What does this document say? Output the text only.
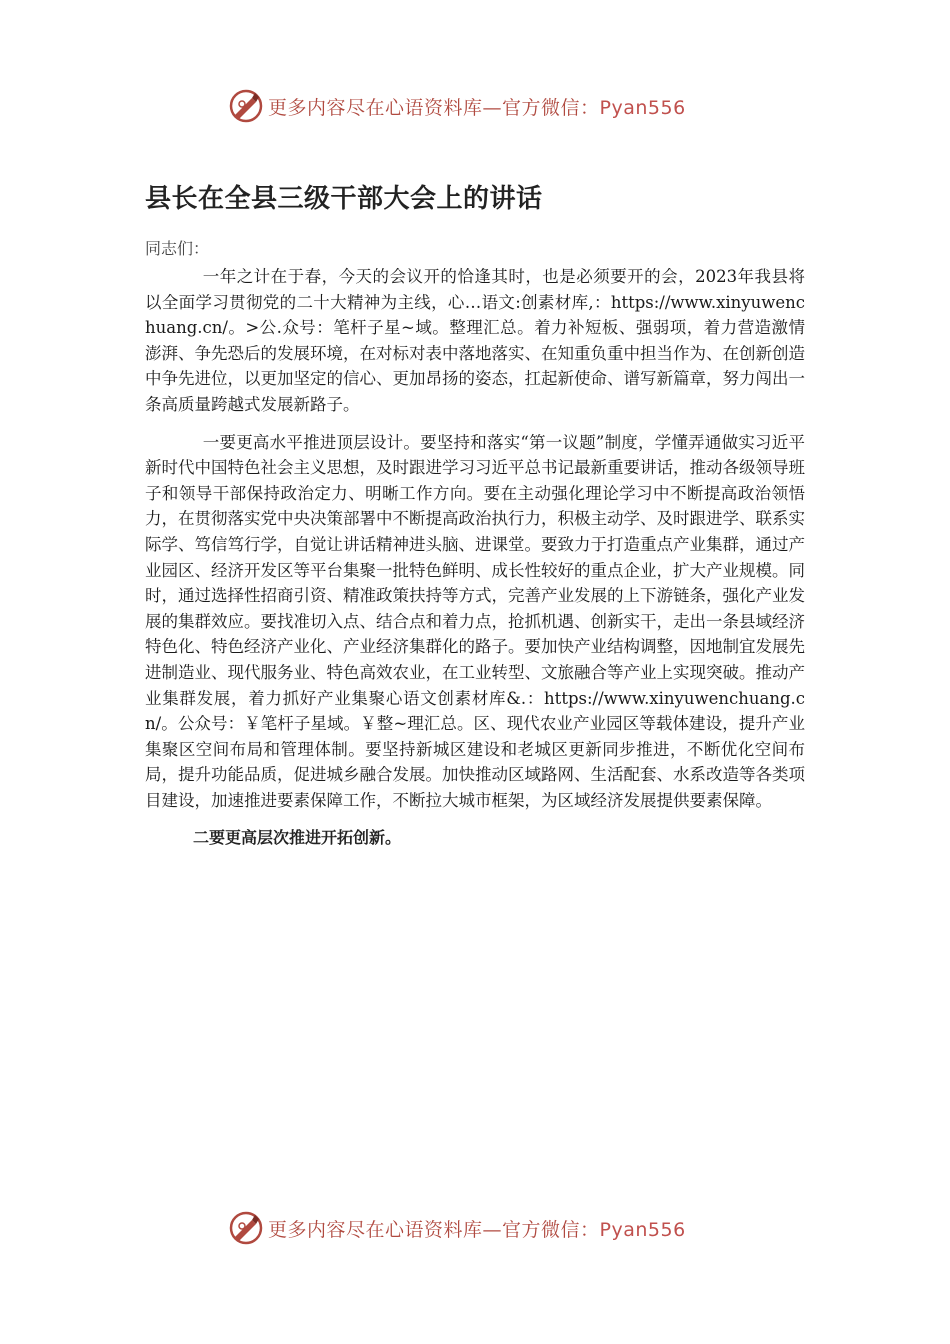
更多内容尽在心语资料库—官方微信：Pyan556
县长在全县三级干部大会上的讲话
同志们：

一年之计在于春，今天的会议开的恰逢其时，也是必须要开的会，2023年我县将以全面学习贯彻党的二十大精神为主线，心…语文:创素材库,：https://www.xinyuwenchuang.cn/。>公.众号：笔杆子星~域。整理汇总。着力补短板、强弱项，着力营造激情澎湃、争先恐后的发展环境，在对标对表中落地落实、在知重负重中担当作为、在创新创造中争先进位，以更加坚定的信心、更加昂扬的姿态，扛起新使命、谱写新篇章，努力闯出一条高质量跨越式发展新路子。

一要更高水平推进顶层设计。要坚持和落实“第一议题”制度，学懂弄通做实习近平新时代中国特色社会主义思想，及时跟进学习习近平总书记最新重要讲话，推动各级领导班子和领导干部保持政治定力、明晰工作方向。要在主动强化理论学习中不断提高政治领悟力，在贯彻落实党中央决策部署中不断提高政治执行力，积极主动学、及时跟进学、联系实际学、笃信笃行学，自觉让讲话精神进头脑、进课堂。要致力于打造重点产业集群，通过产业园区、经济开发区等平台集聚一批特色鲜明、成长性较好的重点企业，扩大产业规模。同时，通过选择性招商引资、精准政策扶持等方式，完善产业发展的上下游链条，强化产业发展的集群效应。要找准切入点、结合点和着力点，抢抓机遇、创新实干，走出一条县域经济特色化、特色经济产业化、产业经济集群化的路子。要加快产业结构调整，因地制宜发展先进制造业、现代服务业、特色高效农业，在工业转型、文旅融合等产业上实现突破。推动产业集群发展，着力抓好产业集聚心语文创素材库&.：https://www.xinyuwenchuang.cn/。公众号：￥笔杆子星域。￥整~理汇总。区、现代农业产业园区等载体建设，提升产业集聚区空间布局和管理体制。要坚持新城区建设和老城区更新同步推进，不断优化空间布局，提升功能品质，促进城乡融合发展。加快推动区域路网、生活配套、水系改造等各类项目建设，加速推进要素保障工作，不断拉大城市框架，为区域经济发展提供要素保障。

二要更高层次推进开拓创新。

更多内容尽在心语资料库—官方微信：Pyan556
